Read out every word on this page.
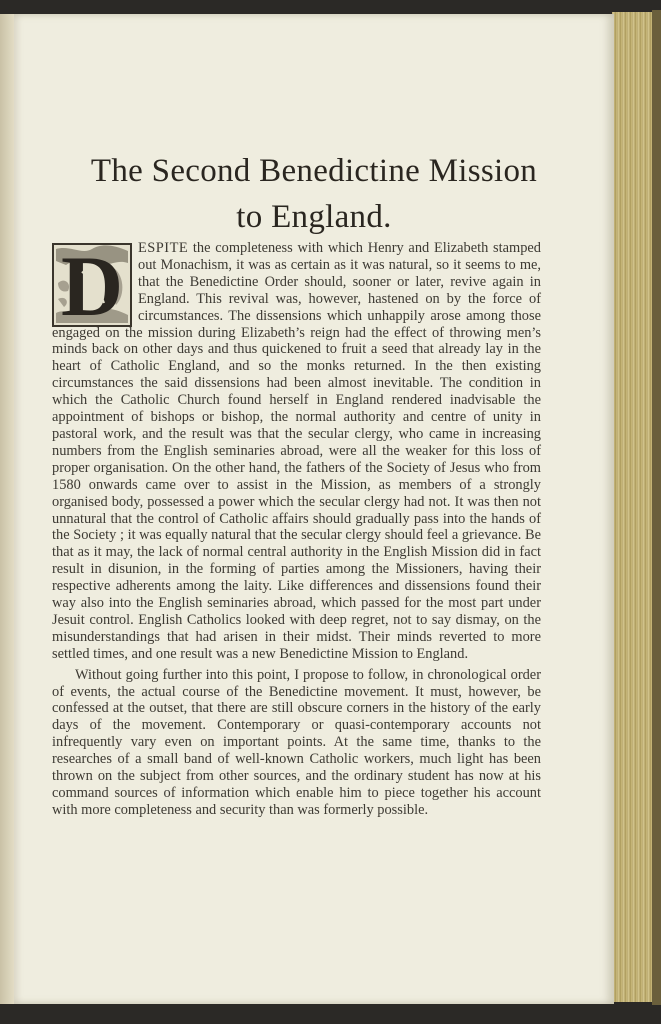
The Second Benedictine Mission
to England.
D	ESPITE the completeness with which Henry and Elizabeth stamped out Monachism, it was as certain as it was natural, so it seems to me, that the Benedictine Order should, sooner or later, revive again in England. This revival was, however, hastened on by the force of circumstances. The dissensions which unhappily arose among those engaged on the mission during Elizabeth’s reign had the effect of throwing men’s minds back on other days and thus quickened to fruit a seed that already lay in the heart of Catholic England, and so the monks returned. In the then existing circumstances the said dissensions had been almost inevitable. The condition in which the Catholic Church found herself in England rendered inadvisable the appointment of bishops or bishop, the normal authority and centre of unity in pastoral work, and the result was that the secular clergy, who came in increasing numbers from the English seminaries abroad, were all the weaker for this loss of proper organisation. On the other hand, the fathers of the Society of Jesus who from 1580 onwards came over to assist in the Mission, as members of a strongly organised body, possessed a power which the secular clergy had not. It was then not unnatural that the control of Catholic affairs should gradually pass into the hands of the Society ; it was equally natural that the secular clergy should feel a grievance. Be that as it may, the lack of normal central authority in the English Mission did in fact result in disunion, in the forming of parties among the Missioners, having their respective adherents among the laity. Like differences and dissensions found their way also into the English seminaries abroad, which passed for the most part under Jesuit control. English Catholics looked with deep regret, not to say dismay, on the misunderstandings that had arisen in their midst. Their minds reverted to more settled times, and one result was a new Benedictine Mission to England.

Without going further into this point, I propose to follow, in chronological order of events, the actual course of the Benedictine movement. It must, however, be confessed at the outset, that there are still obscure corners in the history of the early days of the movement. Contemporary or quasi-contemporary accounts not infrequently vary even on important points. At the same time, thanks to the researches of a small band of well-known Catholic workers, much light has been thrown on the subject from other sources, and the ordinary student has now at his command sources of information which enable him to piece together his account with more completeness and security than was formerly possible.
